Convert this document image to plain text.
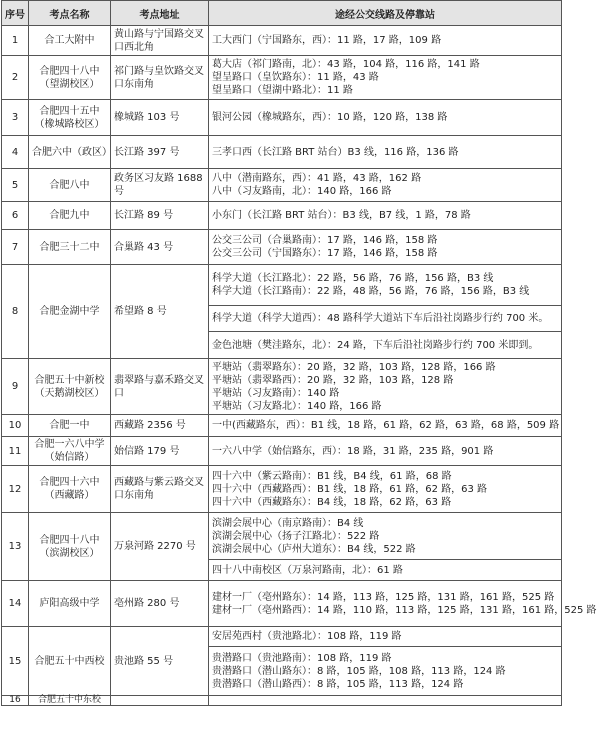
序号	考点名称	考点地址	途经公交线路及停靠站
1	合工大附中	黄山路与宁国路交叉口西北角	工大西门（宁国路东，西）：11 路，17 路，109 路

2	合肥四十八中（望湖校区）	祁门路与皇饮路交叉口东南角	葛大店（祁门路南，北）：43 路，104 路，116 路，141 路
望呈路口（皇饮路东）：11 路，43 路
望呈路口（望湖中路北）：11 路

3	合肥四十五中（橡城路校区）	橡城路 103 号	银河公园（橡城路东，西）：10 路，120 路，138 路

4	合肥六中（政区）	长江路 397 号	三孝口西（长江路 BRT 站台）B3 线，116 路，136 路

5	合肥八中	政务区习友路 1688 号	八中（潜南路东，西）：41 路，43 路，162 路
八中（习友路南，北）：140 路，166 路

6	合肥九中	长江路 89 号	小东门（长江路 BRT 站台）：B3 线，B7 线，1 路，78 路

7	合肥三十二中	合巢路 43 号	公交三公司（合巢路南）：17 路，146 路，158 路
公交三公司（宁国路东）：17 路，146 路，158 路

8	合肥金湖中学	希望路 8 号	科学大道（长江路北）：22 路，56 路，76 路，156 路，B3 线
科学大道（长江路南）：22 路，48 路，56 路，76 路，156 路，B3 线

			科学大道（科学大道西）：48 路科学大道站下车后沿社岗路步行约 700 米。

			金色池塘（樊洼路东，北）：24 路，下车后沿社岗路步行约 700 米即到。

9	合肥五十中新校（天鹅湖校区）	翡翠路与嘉禾路交叉口	平塘站（翡翠路东）：20 路，32 路，103 路，128 路，166 路
平塘站（翡翠路西）：20 路，32 路，103 路，128 路
平塘站（习友路南）：140 路
平塘站（习友路北）：140 路，166 路

10	合肥一中	西藏路 2356 号	一中(西藏路东，西）：B1 线，18 路，61 路，62 路，63 路，68 路，509 路

11	合肥一六八中学（始信路）	始信路 179 号	一六八中学（始信路东，西）：18 路，31 路，235 路，901 路

12	合肥四十六中（西藏路）	西藏路与紫云路交叉口东南角	四十六中（紫云路南）：B1 线，B4 线，61 路，68 路
四十六中（西藏路西）：B1 线，18 路，61 路，62 路，63 路
四十六中（西藏路东）：B4 线，18 路，62 路，63 路

13	合肥四十八中（滨湖校区）	万泉河路 2270 号	滨湖会展中心（南京路南）：B4 线
滨湖会展中心（扬子江路北）：522 路
滨湖会展中心（庐州大道东）：B4 线，522 路

			四十八中南校区（万泉河路南，北）：61 路

14	庐阳高级中学	亳州路 280 号	建材一厂（亳州路东）：14 路，113 路，125 路，131 路，161 路，525 路
建材一厂（亳州路西）：14 路，110 路，113 路，125 路，131 路，161 路，525 路

15	合肥五十中西校	贵池路 55 号	安居苑西村（贵池路北）：108 路，119 路

			贵潜路口（贵池路南）：108 路，119 路
贵潜路口（潜山路东）：8 路，105 路，108 路，113 路，124 路
贵潜路口（潜山路西）：8 路，105 路，113 路，124 路

16	合肥五十中东校		
